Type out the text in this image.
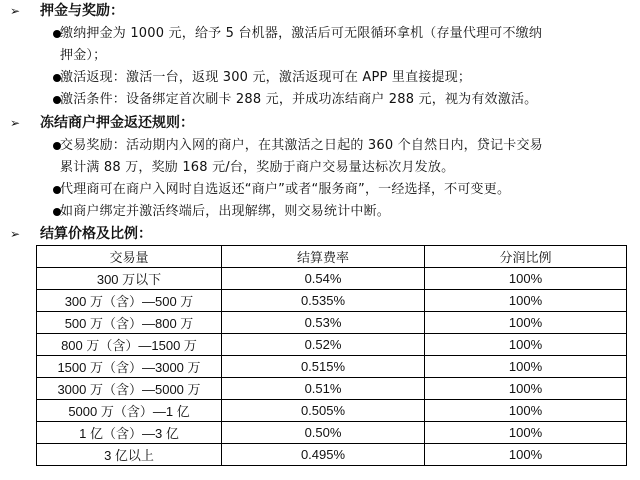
➢ 押金与奖励：
缴纳押金为 1000 元，给予 5 台机器，激活后可无限循环拿机（存量代理可不缴纳
押金）；
激活返现：激活一台，返现 300 元，激活返现可在 APP 里直接提现；
激活条件：设备绑定首次刷卡 288 元，并成功冻结商户 288 元，视为有效激活。
➢ 冻结商户押金返还规则：
交易奖励：活动期内入网的商户，在其激活之日起的 360 个自然日内，贷记卡交易
累计满 88 万，奖励 168 元/台，奖励于商户交易量达标次月发放。
代理商可在商户入网时自选返还“商户”或者“服务商”，一经选择，不可变更。
如商户绑定并激活终端后，出现解绑，则交易统计中断。
➢ 结算价格及比例：
交易量	结算费率	分润比例
300 万以下	0.54%	100%
300 万（含）—500 万	0.535%	100%
500 万（含）—800 万	0.53%	100%
800 万（含）—1500 万	0.52%	100%
1500 万（含）—3000 万	0.515%	100%
3000 万（含）—5000 万	0.51%	100%
5000 万（含）—1 亿	0.505%	100%
1 亿（含）—3 亿	0.50%	100%
3 亿以上	0.495%	100%
